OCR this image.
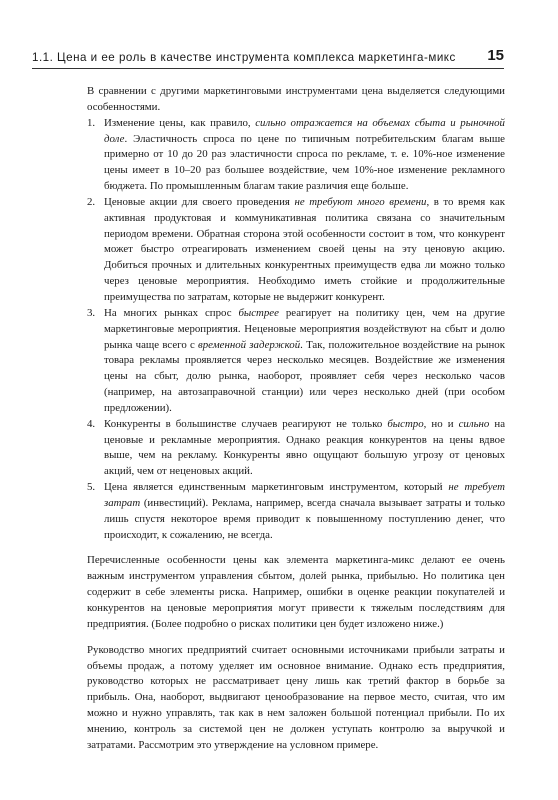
1.1. Цена и ее роль в качестве инструмента комплекса маркетинга-микс 15

В сравнении с другими маркетинговыми инструментами цена выделяется следующими особенностями.

1. Изменение цены, как правило, сильно отражается на объемах сбыта и рыночной доле. Эластичность спроса по цене по типичным потребительским благам выше примерно от 10 до 20 раз эластичности спроса по рекламе, т. е. 10%-ное изменение цены имеет в 10–20 раз большее воздействие, чем 10%-ное изменение рекламного бюджета. По промышленным благам такие различия еще больше.
2. Ценовые акции для своего проведения не требуют много времени, в то время как активная продуктовая и коммуникативная политика связана со значительным периодом времени. Обратная сторона этой особенности состоит в том, что конкурент может быстро отреагировать изменением своей цены на эту ценовую акцию. Добиться прочных и длительных конкурентных преимуществ едва ли можно только через ценовые мероприятия. Необходимо иметь стойкие и продолжительные преимущества по затратам, которые не выдержит конкурент.
3. На многих рынках спрос быстрее реагирует на политику цен, чем на другие маркетинговые мероприятия. Неценовые мероприятия воздействуют на сбыт и долю рынка чаще всего с временной задержкой. Так, положительное воздействие на рынок товара рекламы проявляется через несколько месяцев. Воздействие же изменения цены на сбыт, долю рынка, наоборот, проявляет себя через несколько часов (например, на автозаправочной станции) или через несколько дней (при особом предложении).
4. Конкуренты в большинстве случаев реагируют не только быстро, но и сильно на ценовые и рекламные мероприятия. Однако реакция конкурентов на цены вдвое выше, чем на рекламу. Конкуренты явно ощущают большую угрозу от ценовых акций, чем от неценовых акций.
5. Цена является единственным маркетинговым инструментом, который не требует затрат (инвестиций). Реклама, например, всегда сначала вызывает затраты и только лишь спустя некоторое время приводит к повышенному поступлению денег, что происходит, к сожалению, не всегда.

Перечисленные особенности цены как элемента маркетинга-микс делают ее очень важным инструментом управления сбытом, долей рынка, прибылью. Но политика цен содержит в себе элементы риска. Например, ошибки в оценке реакции покупателей и конкурентов на ценовые мероприятия могут привести к тяжелым последствиям для предприятия. (Более подробно о рисках политики цен будет изложено ниже.)

Руководство многих предприятий считает основными источниками прибыли затраты и объемы продаж, а потому уделяет им основное внимание. Однако есть предприятия, руководство которых не рассматривает цену лишь как третий фактор в борьбе за прибыль. Она, наоборот, выдвигают ценообразование на первое место, считая, что им можно и нужно управлять, так как в нем заложен большой потенциал прибыли. По их мнению, контроль за системой цен не должен уступать контролю за выручкой и затратами. Рассмотрим это утверждение на условном примере.
